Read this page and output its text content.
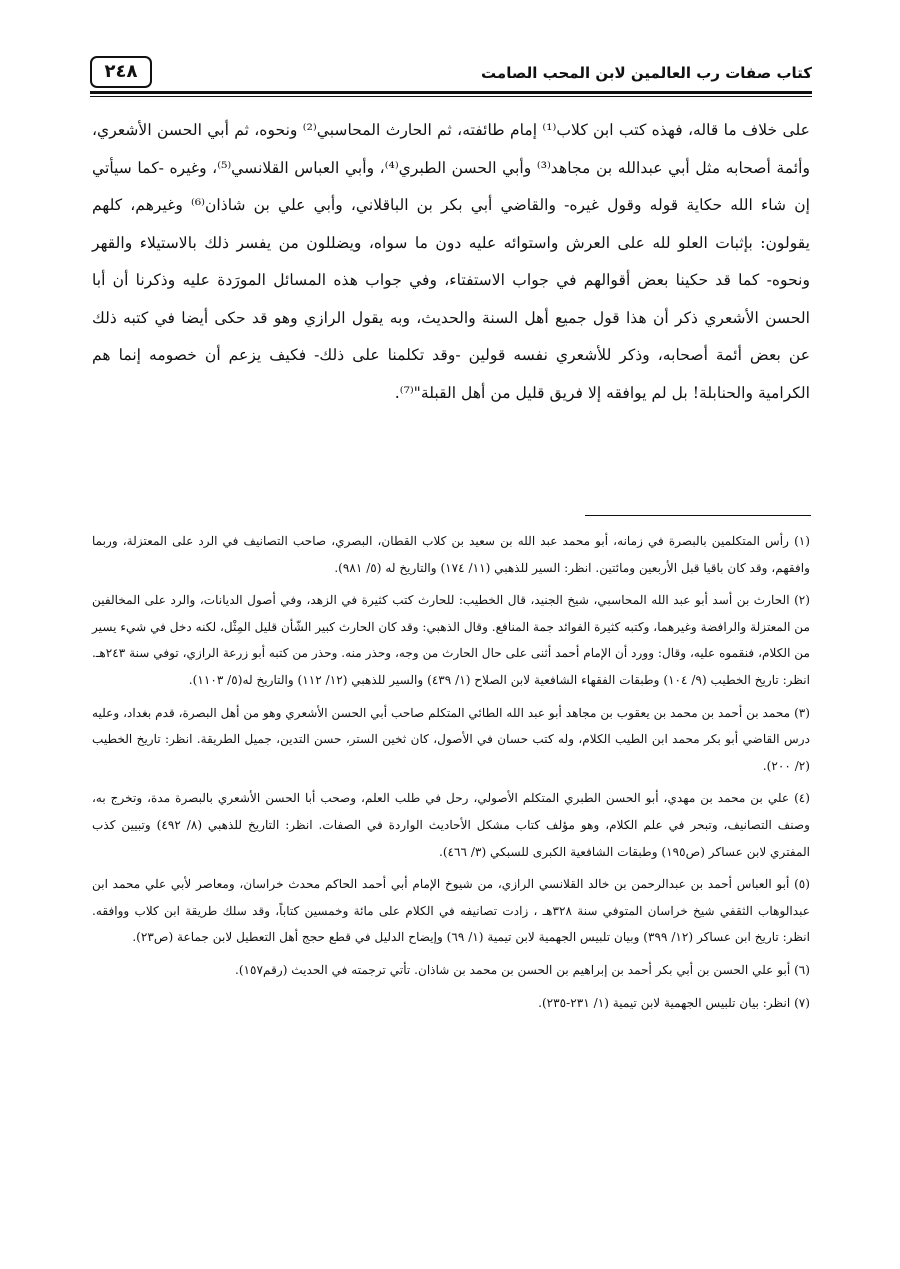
كتاب صفات رب العالمين لابن المحب الصامت
٢٤٨

على خلاف ما قاله، فهذه كتب ابن كلاب⁽¹⁾ إمام طائفته، ثم الحارث المحاسبي⁽²⁾ ونحوه، ثم أبي الحسن الأشعري، وأئمة أصحابه مثل أبي عبدالله بن مجاهد⁽³⁾ وأبي الحسن الطبري⁽⁴⁾، وأبي العباس القلانسي⁽⁵⁾، وغيره -كما سيأتي إن شاء الله حكاية قوله وقول غيره- والقاضي أبي بكر بن الباقلاني، وأبي علي بن شاذان⁽⁶⁾ وغيرهم، كلهم يقولون: بإثبات العلو لله على العرش واستوائه عليه دون ما سواه، ويضللون من يفسر ذلك بالاستيلاء والقهر ونحوه- كما قد حكينا بعض أقوالهم في جواب الاستفتاء، وفي جواب هذه المسائل المورَدة عليه وذكرنا أن أبا الحسن الأشعري ذكر أن هذا قول جميع أهل السنة والحديث، وبه يقول الرازي وهو قد حكى أيضا في كتبه ذلك عن بعض أئمة أصحابه، وذكر للأشعري نفسه قولين -وقد تكلمنا على ذلك- فكيف يزعم أن خصومه إنما هم الكرامية والحنابلة! بل لم يوافقه إلا فريق قليل من أهل القبلة"⁽⁷⁾.

(١) رأس المتكلمين بالبصرة في زمانه، أبو محمد عبد الله بن سعيد بن كلاب القطان، البصري، صاحب التصانيف في الرد على المعتزلة، وربما وافقهم، وقد كان باقيا قبل الأربعين ومائتين. انظر: السير للذهبي (١١/ ١٧٤) والتاريخ له (٥/ ٩٨١).

(٢) الحارث بن أسد أبو عبد الله المحاسبي، شيخ الجنيد، قال الخطيب: للحارث كتب كثيرة في الزهد، وفي أصول الديانات، والرد على المخالفين من المعتزلة والرافضة وغيرهما، وكتبه كثيرة الفوائد جمة المنافع. وقال الذهبي: وقد كان الحارث كبير الشّأن قليل المِثْل، لكنه دخل في شيء يسير من الكلام، فنقموه عليه، وقال: وورد أن الإمام أحمد أثنى على حال الحارث من وجه، وحذر منه. وحذر من كتبه أبو زرعة الرازي، توفي سنة ٢٤٣هـ. انظر: تاريخ الخطيب (٩/ ١٠٤) وطبقات الفقهاء الشافعية لابن الصلاح (١/ ٤٣٩) والسير للذهبي (١٢/ ١١٢) والتاريخ له(٥/ ١١٠٣).

(٣) محمد بن أحمد بن محمد بن يعقوب بن مجاهد أبو عبد الله الطائي المتكلم صاحب أبي الحسن الأشعري وهو من أهل البصرة، قدم بغداد، وعليه درس القاضي أبو بكر محمد ابن الطيب الكلام، وله كتب حسان في الأصول، كان ثخين الستر، حسن التدين، جميل الطريقة. انظر: تاريخ الخطيب (٢/ ٢٠٠).

(٤) علي بن محمد بن مهدي، أبو الحسن الطبري المتكلم الأصولي، رحل في طلب العلم، وصحب أبا الحسن الأشعري بالبصرة مدة، وتخرج به، وصنف التصانيف، وتبحر في علم الكلام، وهو مؤلف كتاب مشكل الأحاديث الواردة في الصفات. انظر: التاريخ للذهبي (٨/ ٤٩٢) وتبيين كذب المفتري لابن عساكر (ص١٩٥) وطبقات الشافعية الكبرى للسبكي (٣/ ٤٦٦).

(٥) أبو العباس أحمد بن عبدالرحمن بن خالد القلانسي الرازي، من شيوخ الإمام أبي أحمد الحاكم محدث خراسان، ومعاصر لأبي علي محمد ابن عبدالوهاب الثقفي شيخ خراسان المتوفي سنة ٣٢٨هـ ، زادت تصانيفه في الكلام على مائة وخمسين كتاباً، وقد سلك طريقة ابن كلاب ووافقه. انظر: تاريخ ابن عساكر (١٢/ ٣٩٩) وبيان تلبيس الجهمية لابن تيمية (١/ ٦٩) وإيضاح الدليل في قطع حجج أهل التعطيل لابن جماعة (ص٢٣).

(٦) أبو علي الحسن بن أبي بكر أحمد بن إبراهيم بن الحسن بن محمد بن شاذان. تأتي ترجمته في الحديث (رقم١٥٧).

(٧) انظر: بيان تلبيس الجهمية لابن تيمية (١/ ٢٣١-٢٣٥).
